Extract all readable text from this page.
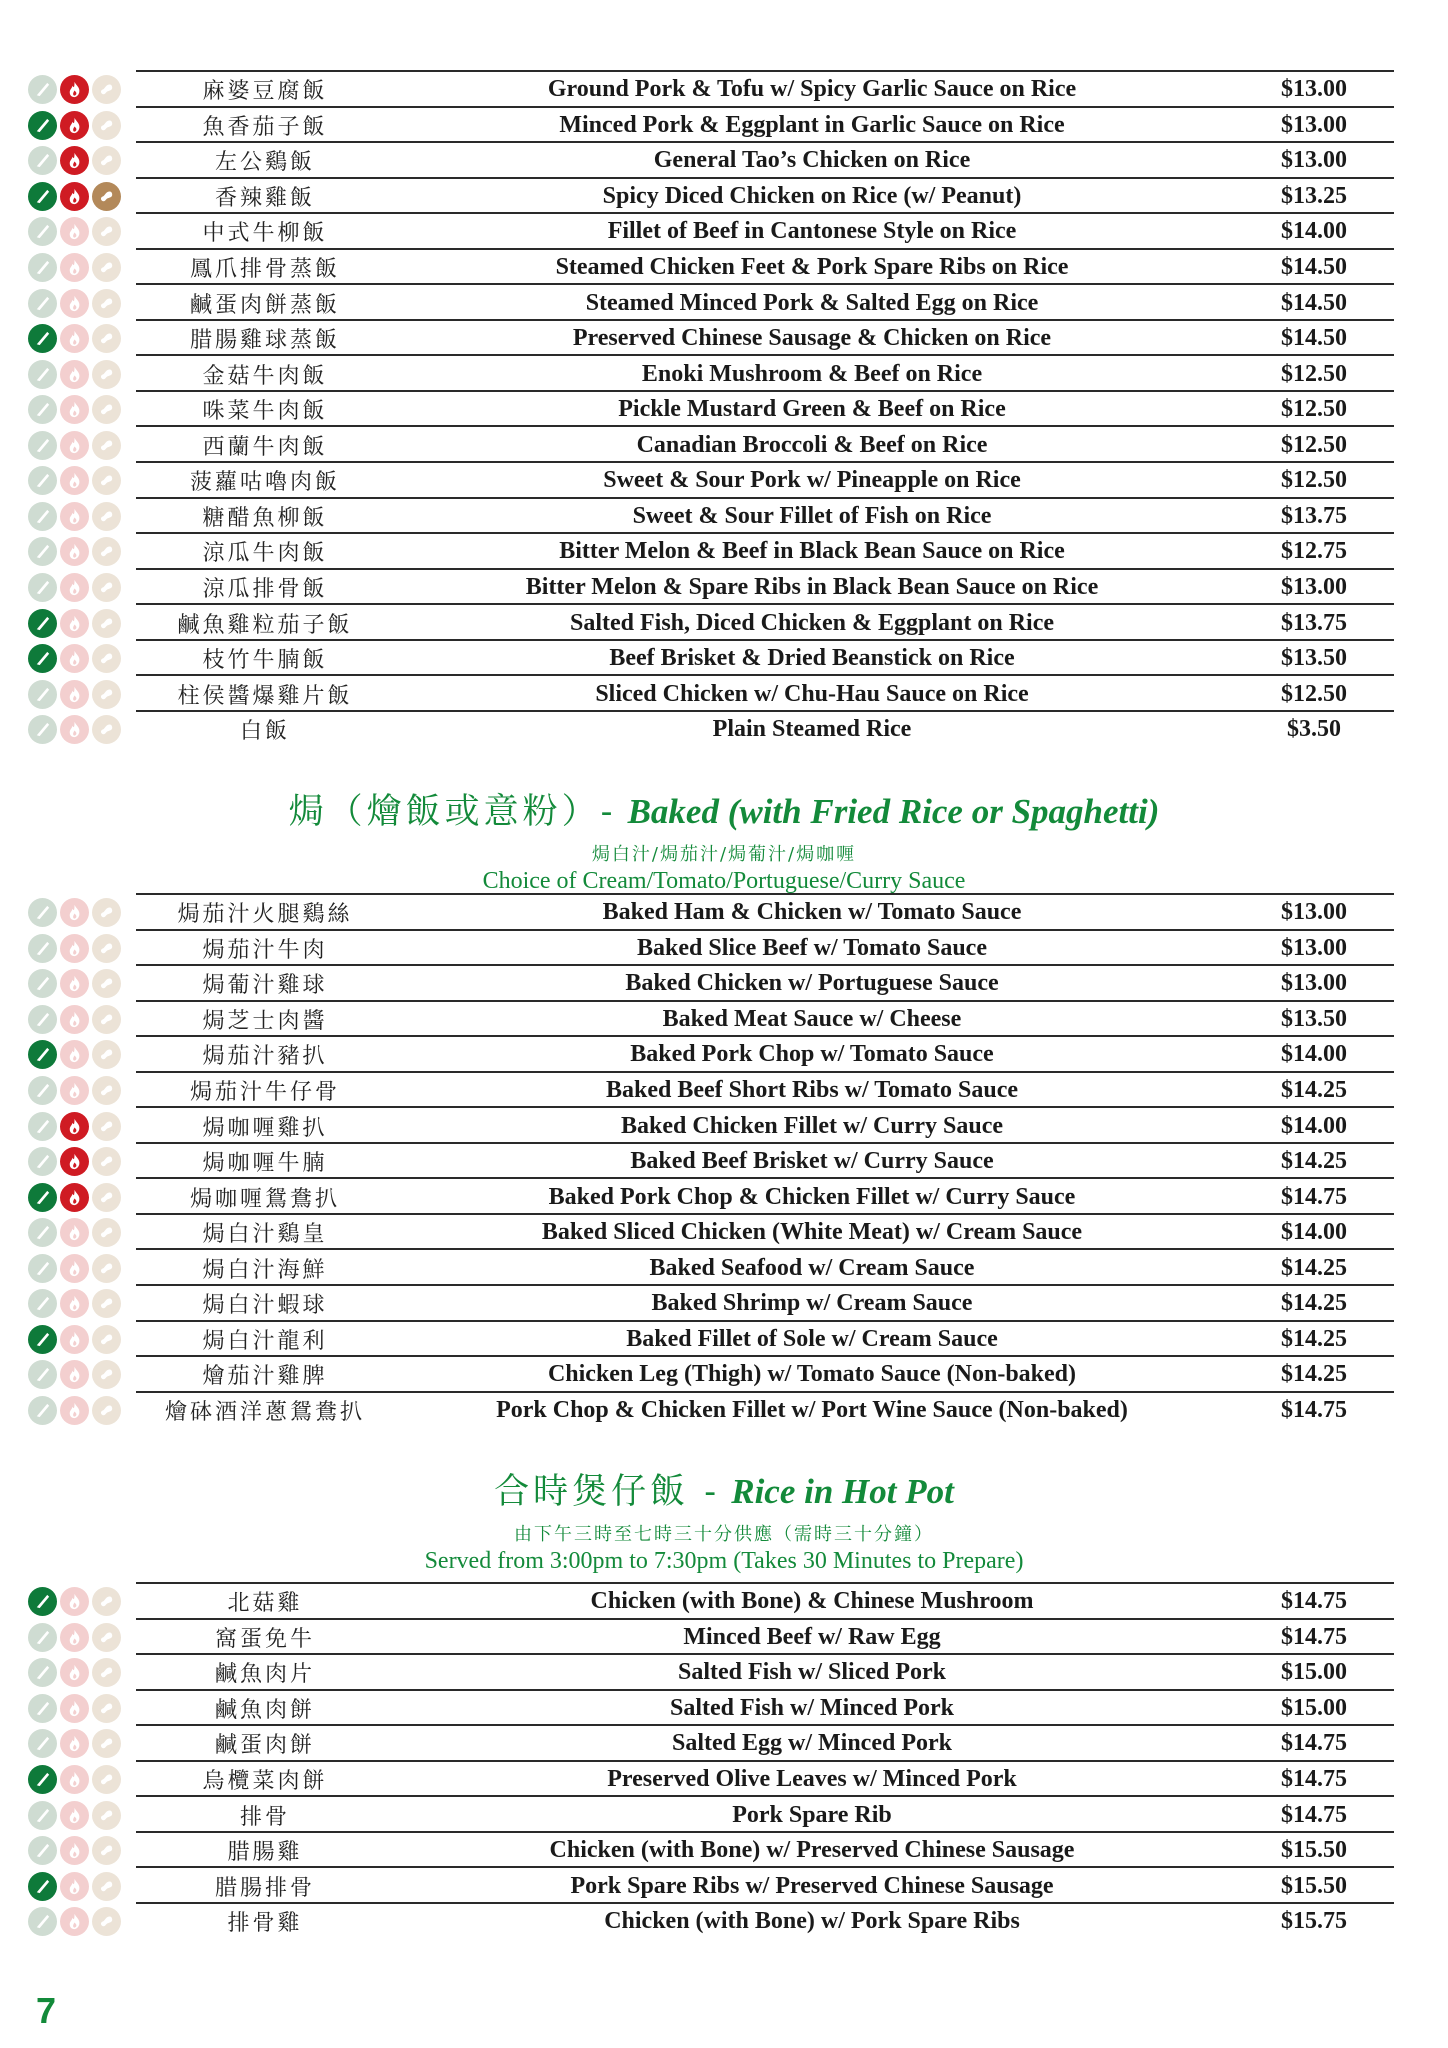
麻婆豆腐飯	Ground Pork & Tofu w/ Spicy Garlic Sauce on Rice	$13.00
魚香茄子飯	Minced Pork & Eggplant in Garlic Sauce on Rice	$13.00
左公鷄飯	General Tao’s Chicken on Rice	$13.00
香辣雞飯	Spicy Diced Chicken on Rice (w/ Peanut)	$13.25
中式牛柳飯	Fillet of Beef in Cantonese Style on Rice	$14.00
鳳爪排骨蒸飯	Steamed Chicken Feet & Pork Spare Ribs on Rice	$14.50
鹹蛋肉餅蒸飯	Steamed Minced Pork & Salted Egg on Rice	$14.50
腊腸雞球蒸飯	Preserved Chinese Sausage & Chicken on Rice	$14.50
金菇牛肉飯	Enoki Mushroom & Beef on Rice	$12.50
咮菜牛肉飯	Pickle Mustard Green & Beef on Rice	$12.50
西蘭牛肉飯	Canadian Broccoli & Beef on Rice	$12.50
菠蘿咕嚕肉飯	Sweet & Sour Pork w/ Pineapple on Rice	$12.50
糖醋魚柳飯	Sweet & Sour Fillet of Fish on Rice	$13.75
涼瓜牛肉飯	Bitter Melon & Beef in Black Bean Sauce on Rice	$12.75
涼瓜排骨飯	Bitter Melon & Spare Ribs in Black Bean Sauce on Rice	$13.00
鹹魚雞粒茄子飯	Salted Fish, Diced Chicken & Eggplant on Rice	$13.75
枝竹牛腩飯	Beef Brisket & Dried Beanstick on Rice	$13.50
柱侯醬爆雞片飯	Sliced Chicken w/ Chu-Hau Sauce on Rice	$12.50
白飯	Plain Steamed Rice	$3.50
焗（燴飯或意粉）- Baked (with Fried Rice or Spaghetti)
焗白汁/焗茄汁/焗葡汁/焗咖喱
Choice of Cream/Tomato/Portuguese/Curry Sauce
焗茄汁火腿鷄絲	Baked Ham & Chicken w/ Tomato Sauce	$13.00
焗茄汁牛肉	Baked Slice Beef w/ Tomato Sauce	$13.00
焗葡汁雞球	Baked Chicken w/ Portuguese Sauce	$13.00
焗芝士肉醬	Baked Meat Sauce w/ Cheese	$13.50
焗茄汁豬扒	Baked Pork Chop w/ Tomato Sauce	$14.00
焗茄汁牛仔骨	Baked Beef Short Ribs w/ Tomato Sauce	$14.25
焗咖喱雞扒	Baked Chicken Fillet w/ Curry Sauce	$14.00
焗咖喱牛腩	Baked Beef Brisket w/ Curry Sauce	$14.25
焗咖喱鴛鴦扒	Baked Pork Chop & Chicken Fillet w/ Curry Sauce	$14.75
焗白汁鷄皇	Baked Sliced Chicken (White Meat) w/ Cream Sauce	$14.00
焗白汁海鮮	Baked Seafood w/ Cream Sauce	$14.25
焗白汁蝦球	Baked Shrimp w/ Cream Sauce	$14.25
焗白汁龍利	Baked Fillet of Sole w/ Cream Sauce	$14.25
燴茄汁雞脾	Chicken Leg (Thigh) w/ Tomato Sauce (Non-baked)	$14.25
燴砵酒洋蔥鴛鴦扒	Pork Chop & Chicken Fillet w/ Port Wine Sauce (Non-baked)	$14.75
合時煲仔飯 - Rice in Hot Pot
由下午三時至七時三十分供應（需時三十分鐘）
Served from 3:00pm to 7:30pm (Takes 30 Minutes to Prepare)
北菇雞	Chicken (with Bone) & Chinese Mushroom	$14.75
窩蛋免牛	Minced Beef w/ Raw Egg	$14.75
鹹魚肉片	Salted Fish w/ Sliced Pork	$15.00
鹹魚肉餅	Salted Fish w/ Minced Pork	$15.00
鹹蛋肉餅	Salted Egg w/ Minced Pork	$14.75
烏欖菜肉餅	Preserved Olive Leaves w/ Minced Pork	$14.75
排骨	Pork Spare Rib	$14.75
腊腸雞	Chicken (with Bone) w/ Preserved Chinese Sausage	$15.50
腊腸排骨	Pork Spare Ribs w/ Preserved Chinese Sausage	$15.50
排骨雞	Chicken (with Bone) w/ Pork Spare Ribs	$15.75
7
